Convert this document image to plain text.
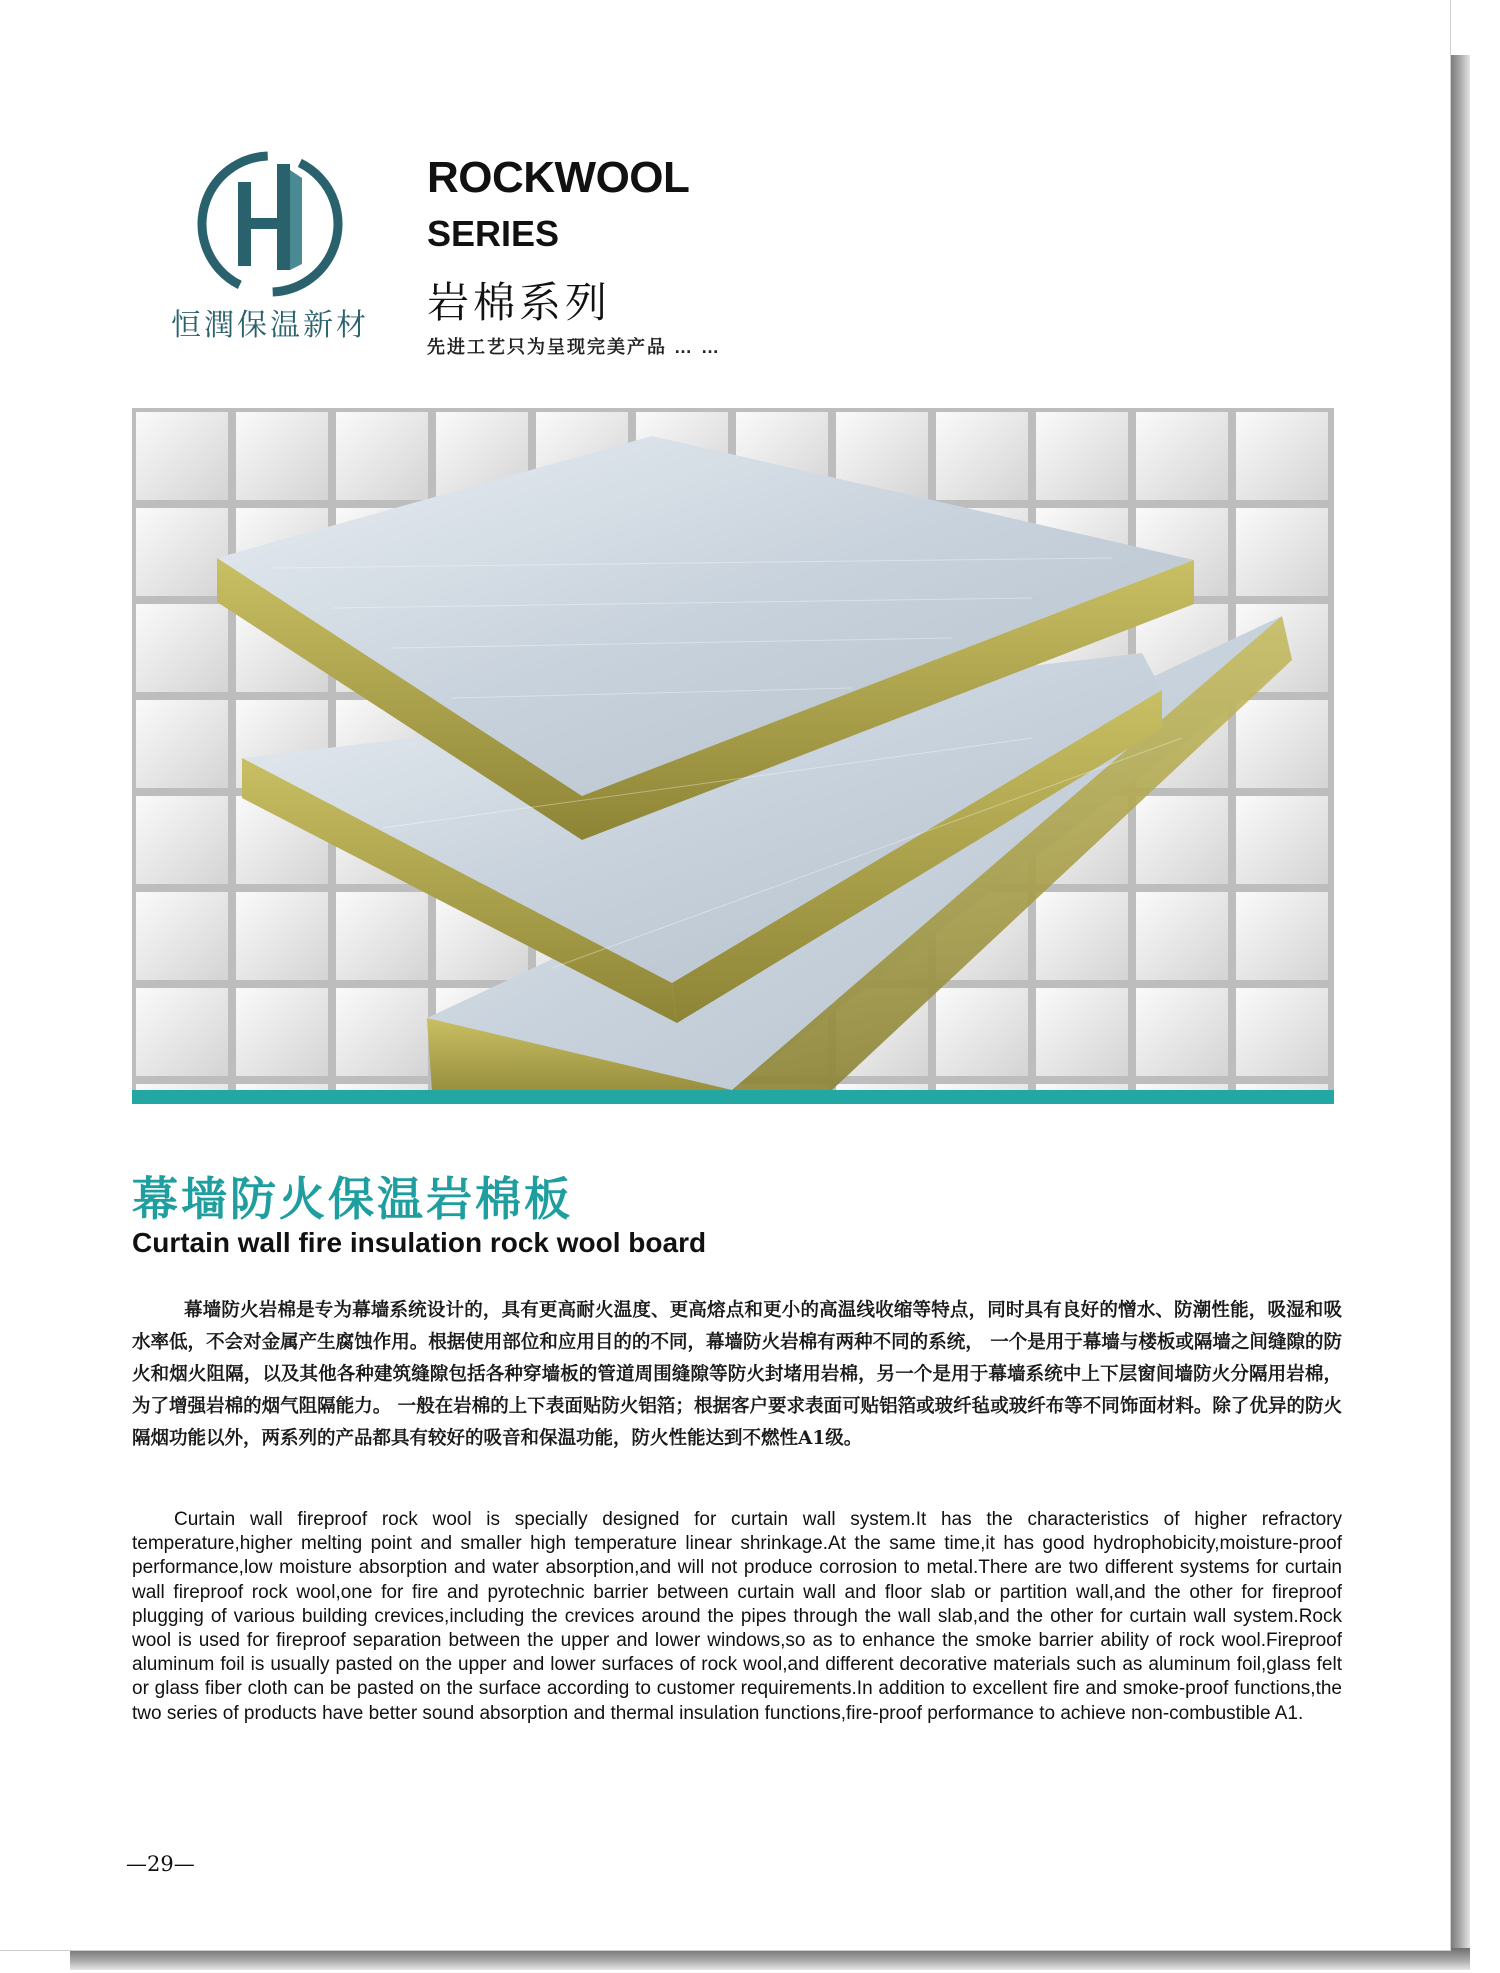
恒潤保温新材
ROCKWOOL
SERIES
岩棉系列
先进工艺只为呈现完美产品 … …
幕墙防火保温岩棉板
Curtain wall fire insulation rock wool board

幕墙防火岩棉是专为幕墙系统设计的，具有更高耐火温度、更高熔点和更小的高温线收缩等特点，同时具有良好的憎水、防潮性能，吸湿和吸水率低，不会对金属产生腐蚀作用。根据使用部位和应用目的的不同，幕墙防火岩棉有两种不同的系统， 一个是用于幕墙与楼板或隔墙之间缝隙的防火和烟火阻隔，以及其他各种建筑缝隙包括各种穿墙板的管道周围缝隙等防火封堵用岩棉，另一个是用于幕墙系统中上下层窗间墙防火分隔用岩棉，为了增强岩棉的烟气阻隔能力。 一般在岩棉的上下表面贴防火铝箔；根据客户要求表面可贴铝箔或玻纤毡或玻纤布等不同饰面材料。除了优异的防火隔烟功能以外，两系列的产品都具有较好的吸音和保温功能，防火性能达到不燃性A1级。

Curtain wall fireproof rock wool is specially designed for curtain wall system.It has the characteristics of higher refractory temperature,higher melting point and smaller high temperature linear shrinkage.At the same time,it has good hydrophobicity,moisture-proof performance,low moisture absorption and water absorption,and will not produce corrosion to metal.There are two different systems for curtain wall fireproof rock wool,one for fire and pyrotechnic barrier between curtain wall and floor slab or partition wall,and the other for fireproof plugging of various building crevices,including the crevices around the pipes through the wall slab,and the other for curtain wall system.Rock wool is used for fireproof separation between the upper and lower windows,so as to enhance the smoke barrier ability of rock wool.Fireproof aluminum foil is usually pasted on the upper and lower surfaces of rock wool,and different decorative materials such as aluminum foil,glass felt or glass fiber cloth can be pasted on the surface according to customer requirements.In addition to excellent fire and smoke-proof functions,the two series of products have better sound absorption and thermal insulation functions,fire-proof performance to achieve non-combustible A1.

—29—
